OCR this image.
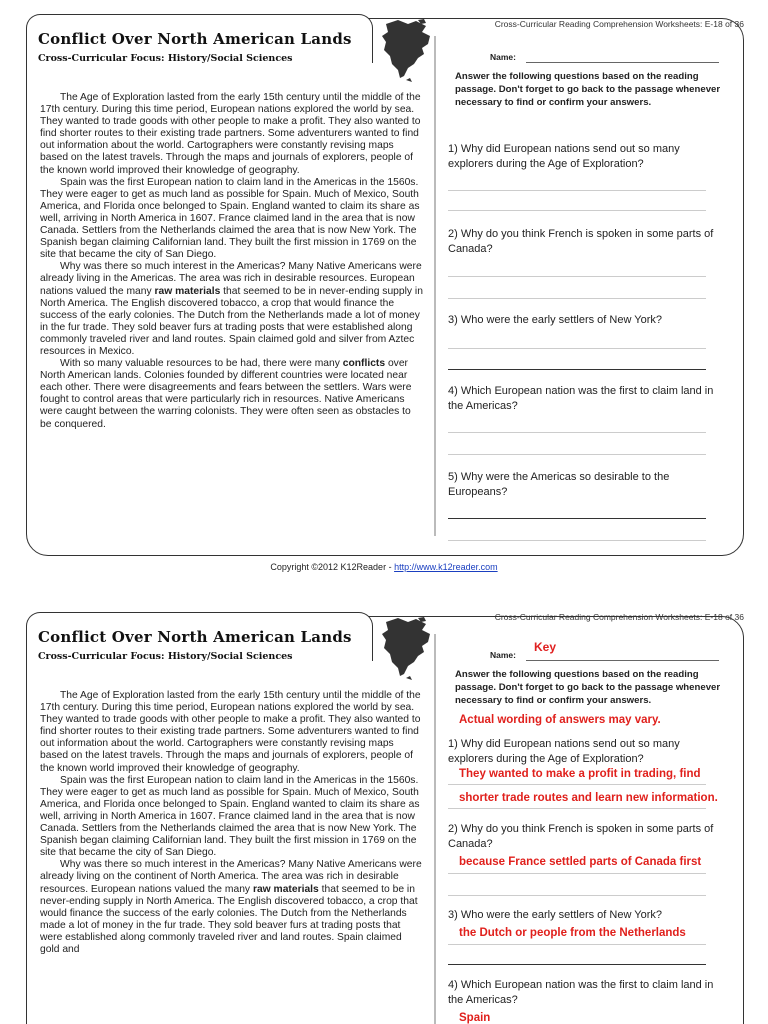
Cross-Curricular Reading Comprehension Worksheets: E-18 of 36
Conflict Over North American Lands
Cross-Curricular Focus: History/Social Sciences

The Age of Exploration lasted from the early 15th century until the middle of the 17th century. During this time period, European nations explored the world by sea. They wanted to trade goods with other people to make a profit. They also wanted to find shorter routes to their existing trade partners. Some adventurers wanted to find out information about the world. Cartographers were constantly revising maps based on the latest travels. Through the maps and journals of explorers, people of the known world improved their knowledge of geography.

Spain was the first European nation to claim land in the Americas in the 1560s. They were eager to get as much land as possible for Spain. Much of Mexico, South America, and Florida once belonged to Spain. England wanted to claim its share as well, arriving in North America in 1607. France claimed land in the area that is now Canada. Settlers from the Netherlands claimed the area that is now New York. The Spanish began claiming Californian land. They built the first mission in 1769 on the site that became the city of San Diego.

Why was there so much interest in the Americas? Many Native Americans were already living in the Americas. The area was rich in desirable resources. European nations valued the many raw materials that seemed to be in never-ending supply in North America. The English discovered tobacco, a crop that would finance the success of the early colonies. The Dutch from the Netherlands made a lot of money in the fur trade. They sold beaver furs at trading posts that were established along commonly traveled river and land routes. Spain claimed gold and silver from Aztec resources in Mexico.

With so many valuable resources to be had, there were many conflicts over North American lands. Colonies founded by different countries were located near each other. There were disagreements and fears between the settlers. Wars were fought to control areas that were particularly rich in resources. Native Americans were caught between the warring colonists. They were often seen as obstacles to be conquered.

Name:
Answer the following questions based on the reading passage. Don't forget to go back to the passage whenever necessary to find or confirm your answers.
1) Why did European nations send out so many explorers during the Age of Exploration?
2) Why do you think French is spoken in some parts of Canada?
3) Who were the early settlers of New York?
4) Which European nation was the first to claim land in the Americas?
5) Why were the Americas so desirable to the Europeans?
Copyright ©2012 K12Reader - http://www.k12reader.com
Cross-Curricular Reading Comprehension Worksheets: E-18 of 36
Conflict Over North American Lands
Cross-Curricular Focus: History/Social Sciences

The Age of Exploration lasted from the early 15th century until the middle of the 17th century. During this time period, European nations explored the world by sea. They wanted to trade goods with other people to make a profit. They also wanted to find shorter routes to their existing trade partners. Some adventurers wanted to find out information about the world. Cartographers were constantly revising maps based on the latest travels. Through the maps and journals of explorers, people of the known world improved their knowledge of geography.

Spain was the first European nation to claim land in the Americas in the 1560s. They were eager to get as much land as possible for Spain. Much of Mexico, South America, and Florida once belonged to Spain. England wanted to claim its share as well, arriving in North America in 1607. France claimed land in the area that is now Canada. Settlers from the Netherlands claimed the area that is now New York. The Spanish began claiming Californian land. They built the first mission in 1769 on the site that became the city of San Diego.

Why was there so much interest in the Americas? Many Native Americans were already living on the continent of North America. The area was rich in desirable resources. European nations valued the many raw materials that seemed to be in never-ending supply in North America. The English discovered tobacco, a crop that would finance the success of the early colonies. The Dutch from the Netherlands made a lot of money in the fur trade. They sold beaver furs at trading posts that were established along commonly traveled river and land routes. Spain claimed gold and

Name:
Key
Answer the following questions based on the reading passage. Don't forget to go back to the passage whenever necessary to find or confirm your answers.
Actual wording of answers may vary.
1) Why did European nations send out so many explorers during the Age of Exploration?
They wanted to make a profit in trading, find
shorter trade routes and learn new information.
2) Why do you think French is spoken in some parts of Canada?
because France settled parts of Canada first
3) Who were the early settlers of New York?
the Dutch or people from the Netherlands
4) Which European nation was the first to claim land in the Americas?
Spain
